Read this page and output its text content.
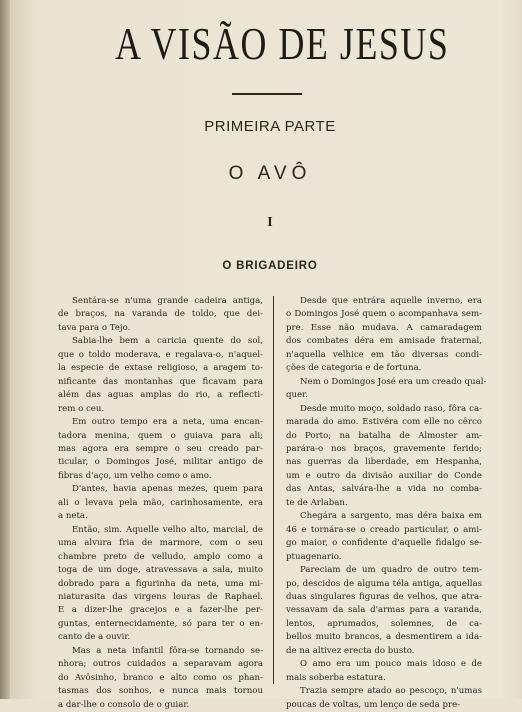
A VISÃO DE JESUS
PRIMEIRA PARTE
O AVÔ
I
O BRIGADEIRO
Sentára-se n'uma grande cadeira antiga,
de braços, na varanda de toldo, que dei-
tava para o Tejo.
Sabia-lhe bem a caricia quente do sol,
que o toldo moderava, e regalava-o, n'aquel-
la especie de extase religioso, a aragem to-
nificante das montanhas que ficavam para
além das aguas amplas do rio, a reflecti-
rem o ceu.
Em outro tempo era a neta, uma encan-
tadora menina, quem o guiava para ali;
mas agora era sempre o seu creado par-
ticular, o Domingos José, militar antigo de
fibras d'aço, um velho como o amo.
D'antes, havia apenas mezes, quem para
ali o levava pela mão, carinhosamente, era
a neta.
Então, sim. Aquelle velho alto, marcial, de
uma alvura fria de marmore, com o seu
chambre preto de velludo, amplo como a
toga de um doge, atravessava a sala, muito
dobrado para a figurinha da neta, uma mi-
niaturasita das virgens louras de Raphael.
E a dizer-lhe gracejos e a fazer-lhe per-
guntas, enternecidamente, só para ter o en-
canto de a ouvir.
Mas a neta infantil fôra-se tornando se-
nhora; outros cuidados a separavam agora
do Avôsinho, branco e alto como os phan-
tasmas dos sonhos, e nunca mais tornou
a dar-lhe o consolo de o guiar.
Desde que entrára aquelle inverno, era
o Domingos José quem o acompanhava sem-
pre. Esse não mudava. A camaradagem
dos combates déra em amisade fraternal,
n'aquella velhice em tão diversas condi-
ções de categoria e de fortuna.
Nem o Domingos José era um creado qual-
quer.
Desde muito moço, soldado raso, fôra ca-
marada do amo. Estivéra com elle no cêrco
do Porto; na batalha de Almoster am-
parára-o nos braços, gravemente ferido;
nas guerras da liberdade, em Hespanha,
um e outro da divisão auxiliar do Conde
das Antas, salvára-lhe a vida no comba-
te de Arlaban.
Chegára a sargento, mas déra baixa em
46 e tornára-se o creado particular, o ami-
go maior, o confidente d'aquelle fidalgo se-
ptuagenario.
Pareciam de um quadro de outro tem-
po, descidos de alguma téla antiga, aquellas
duas singulares figuras de velhos, que atra-
vessavam da sala d'armas para a varanda,
lentos, aprumados, solemnes, de ca-
bellos muito brancos, a desmentirem a ida-
de na altivez erecta do busto.
O amo era um pouco mais idoso e de
mais soberba estatura.
Trazia sempre atado ao pescoço, n'umas
poucas de voltas, um lenço de seda pre-
